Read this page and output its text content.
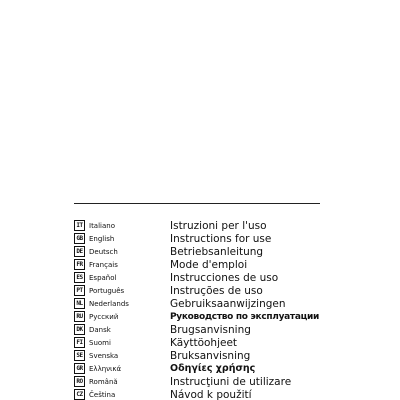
IT Italiano	Istruzioni per l'uso
GB English	Instructions for use
DE Deutsch	Betriebsanleitung
FR Français	Mode d'emploi
ES Español	Instrucciones de uso
PT Português	Instruções de uso
NL Nederlands	Gebruiksaanwijzingen
RU Русский	Руководство по эксплуатации
DK Dansk	Brugsanvisning
FI Suomi	Käyttöohjeet
SE Svenska	Bruksanvisning
GR Ελληνικά	Οδηγίες χρήσης
RO Română	Instrucţiuni de utilizare
CZ Čeština	Návod k použití
